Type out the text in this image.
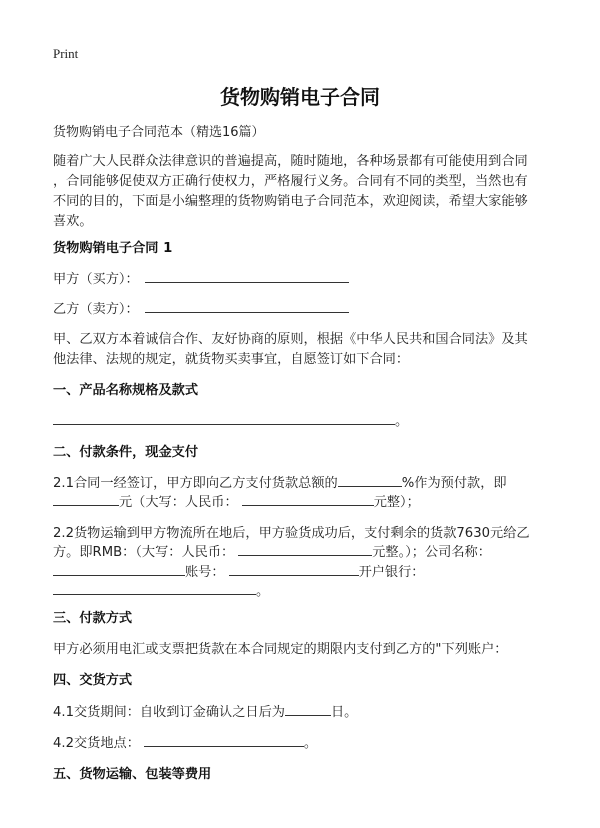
Print
货物购销电子合同
货物购销电子合同范本（精选16篇）
随着广大人民群众法律意识的普遍提高，随时随地，各种场景都有可能使用到合同
，合同能够促使双方正确行使权力，严格履行义务。合同有不同的类型，当然也有
不同的目的，下面是小编整理的货物购销电子合同范本，欢迎阅读，希望大家能够
喜欢。
货物购销电子合同 1
甲方（买方）：
乙方（卖方）：
甲、乙双方本着诚信合作、友好协商的原则，根据《中华人民共和国合同法》及其
他法律、法规的规定，就货物买卖事宜，自愿签订如下合同：
一、产品名称规格及款式
。
二、付款条件，现金支付
2.1合同一经签订，甲方即向乙方支付货款总额的	%作为预付款，即
元（大写：人民币：	元整）；
2.2货物运输到甲方物流所在地后，甲方验货成功后，支付剩余的货款7630元给乙
方。即RMB：（大写：人民币：	元整。）；公司名称：
账号：	开户银行：
。
三、付款方式
甲方必须用电汇或支票把货款在本合同规定的期限内支付到乙方的"下列账户：
四、交货方式
4.1交货期间：自收到订金确认之日后为	日。
4.2交货地点：	。
五、货物运输、包装等费用
